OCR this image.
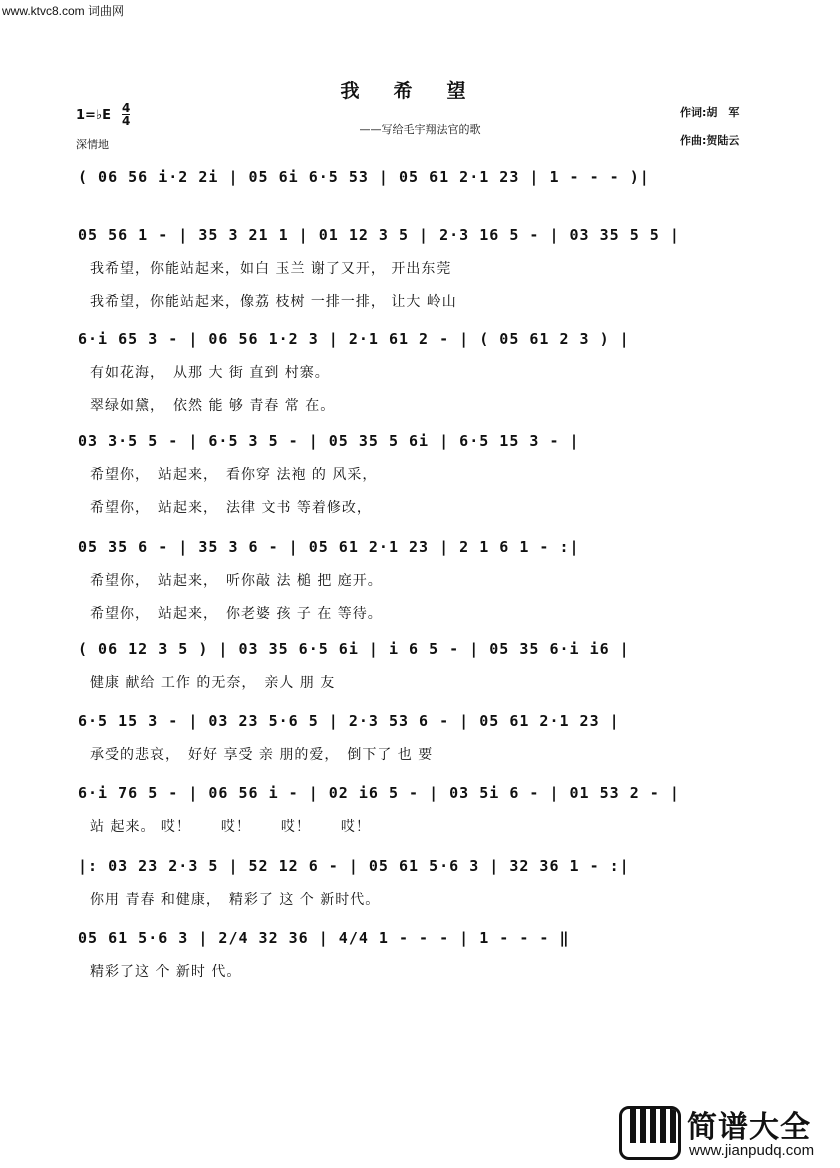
www.ktvc8.com 词曲网
我希望
——写给毛宇翔法官的歌
1=♭E 4
4
深情地
作词:胡　军
作曲:贺陆云
( 06 56 i·2 2i | 05 6i 6·5 53 | 05 61 2·1 23 | 1 - - - )|
05 56 1 - | 35 3 21 1 | 01 12 3 5 | 2·3 16 5 - | 03 35 5 5 |
我希望，你能站起来，如白 玉兰 谢了又开， 开出东莞
我希望，你能站起来，像荔 枝树 一排一排， 让大 岭山
6·i 65 3 - | 06 56 1·2 3 | 2·1 61 2 - | ( 05 61 2 3 ) |
有如花海，　从那 大 街 直到 村寨。
翠绿如黛，　依然 能 够 青春 常 在。
03 3·5 5 - | 6·5 3 5 - | 05 35 5 6i | 6·5 15 3 - |
希望你，　站起来，　看你穿 法袍 的 风采，
希望你，　站起来，　法律 文书 等着修改，
05 35 6 - | 35 3 6 - | 05 61 2·1 23 | 2 1 6 1 - :|
希望你，　站起来，　听你敲 法 槌 把 庭开。
希望你，　站起来，　你老婆 孩 子 在 等待。
( 06 12 3 5 ) | 03 35 6·5 6i | i 6 5 - | 05 35 6·i i6 |
健康 献给 工作 的无奈，　亲人 朋 友
6·5 15 3 - | 03 23 5·6 5 | 2·3 53 6 - | 05 61 2·1 23 |
承受的悲哀，　好好 享受 亲 朋的爱，　倒下了 也 要
6·i 76 5 - | 06 56 i - | 02 i6 5 - | 03 5i 6 - | 01 53 2 - |
站 起来。 哎！　　哎！　　哎！　　哎！
|: 03 23 2·3 5 | 52 12 6 - | 05 61 5·6 3 | 32 36 1 - :|
你用 青春 和健康，　精彩了 这 个 新时代。
05 61 5·6 3 | 2/4 32 36 | 4/4 1 - - - | 1 - - - ‖
精彩了这 个 新时 代。
简谱大全
www.jianpudq.com
